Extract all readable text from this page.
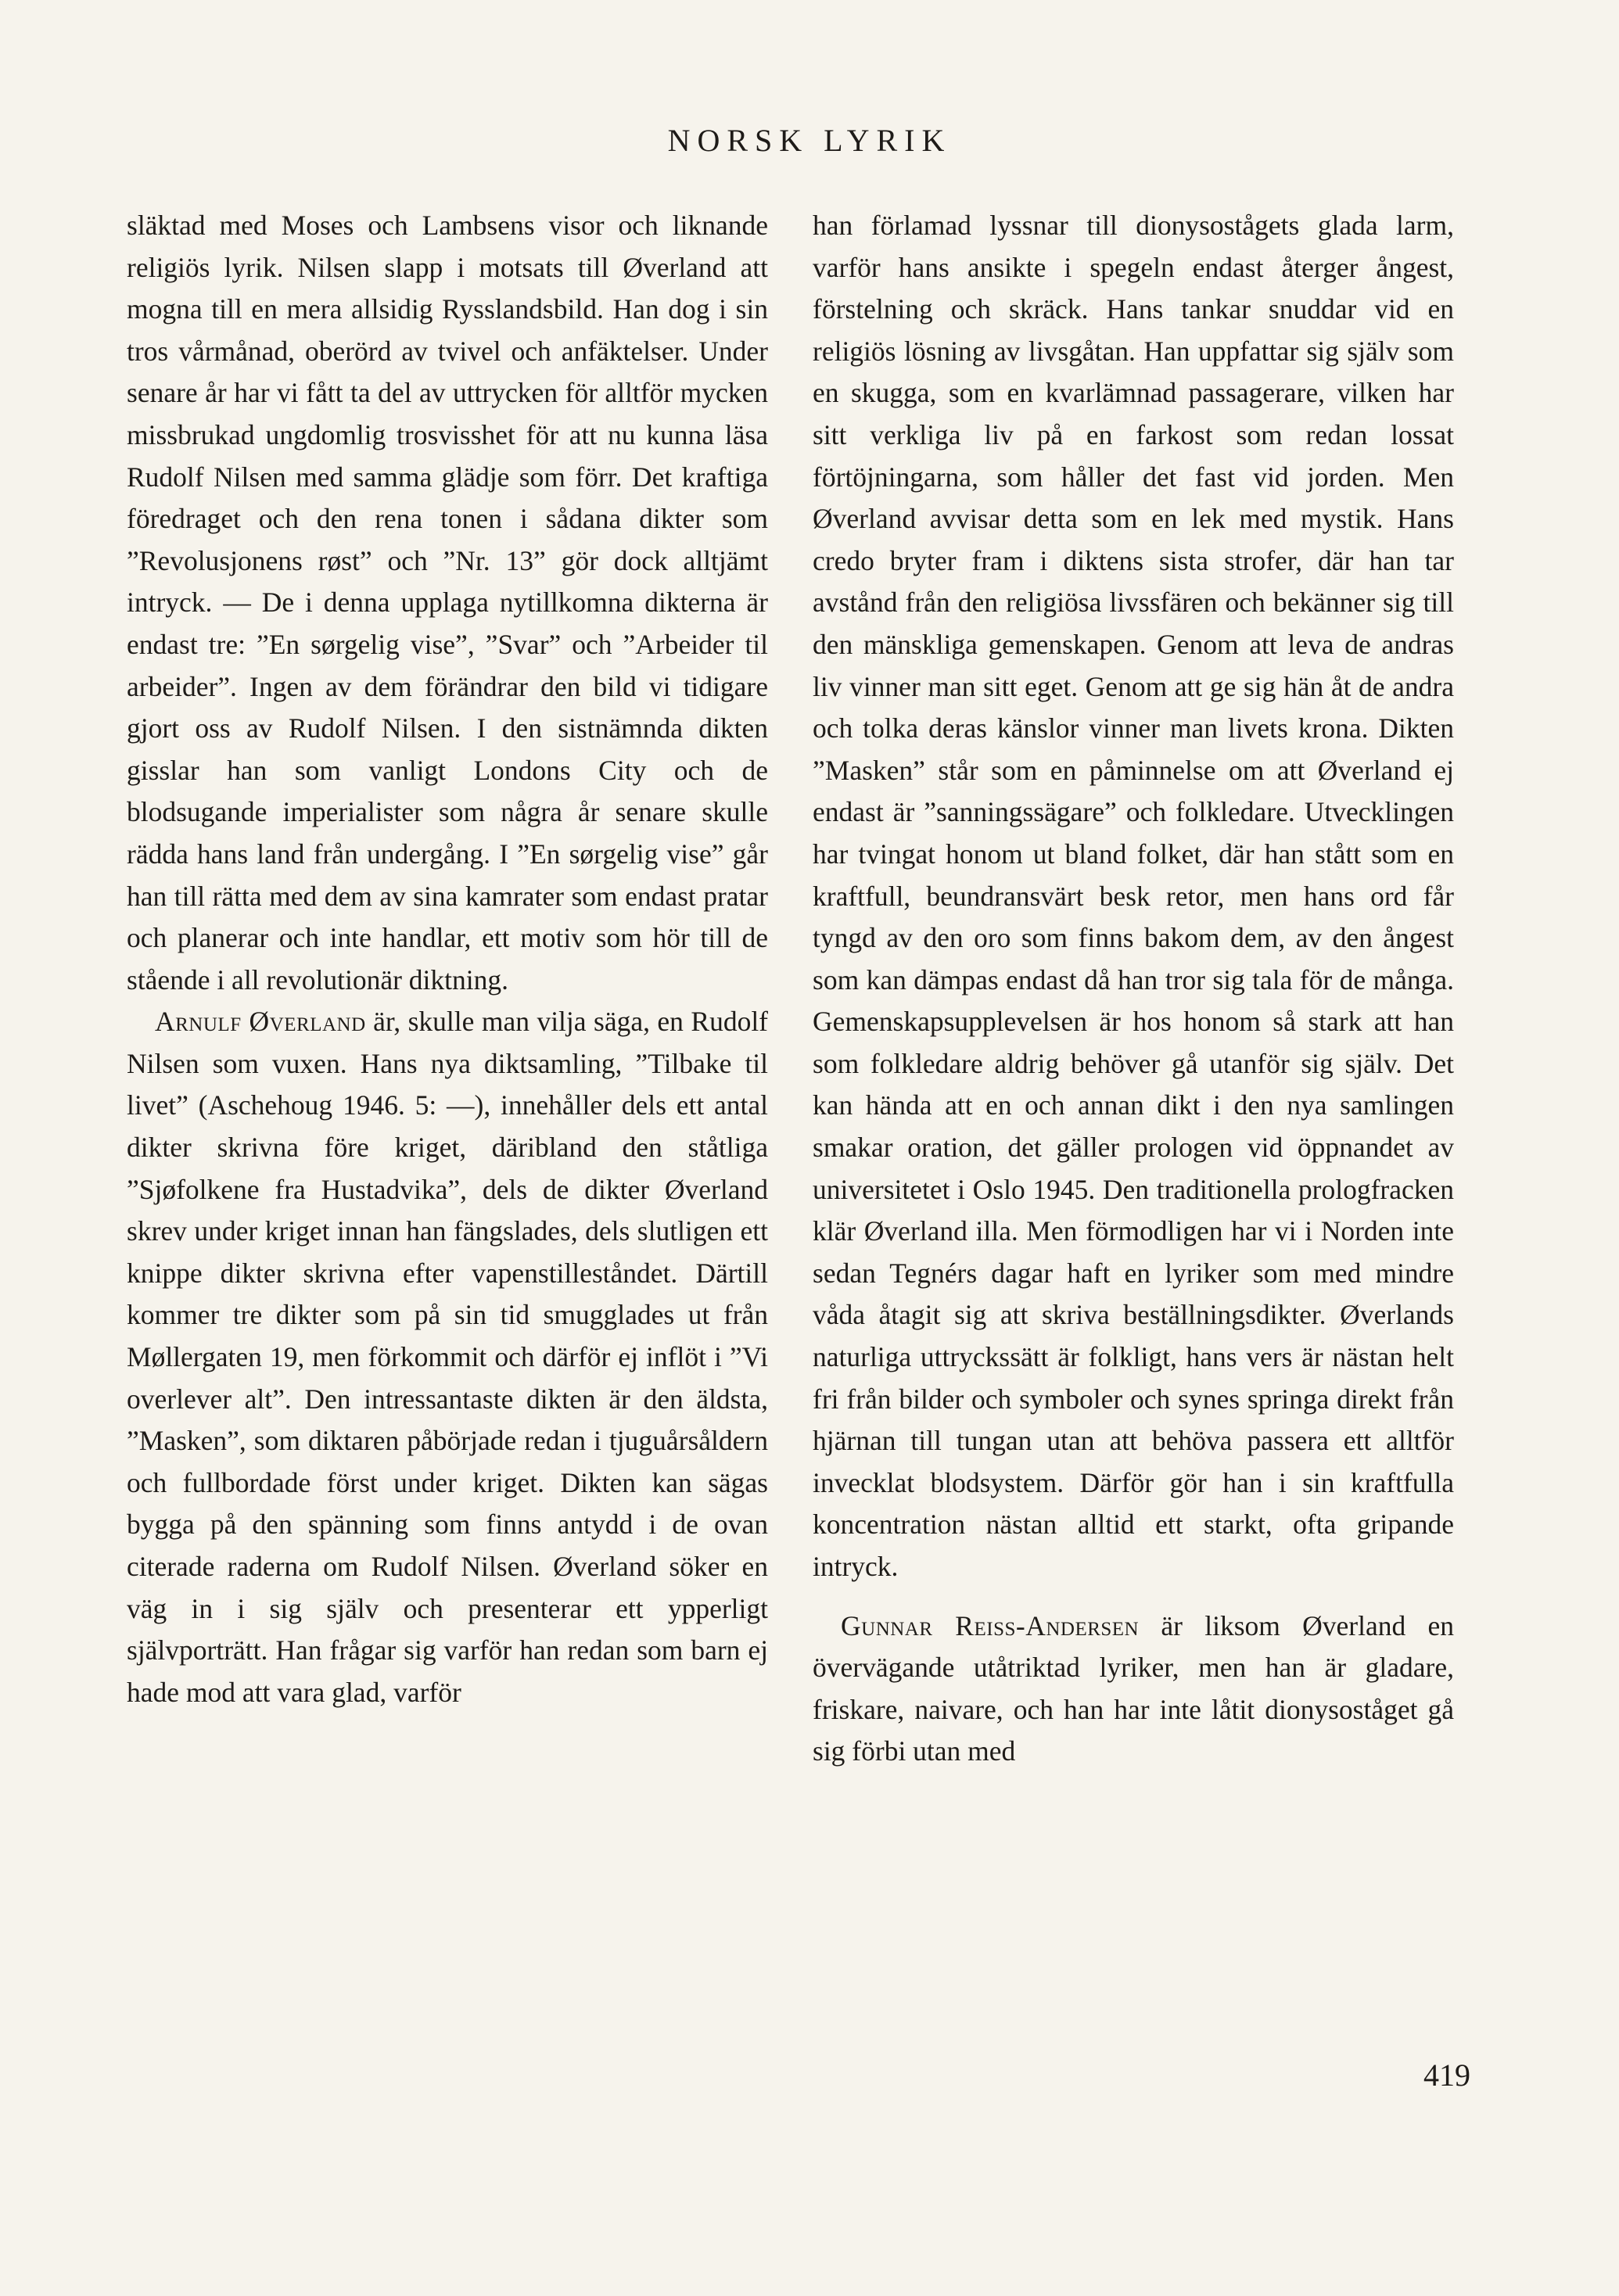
NORSK LYRIK

släktad med Moses och Lambsens visor och liknande religiös lyrik. Nilsen slapp i motsats till Øverland att mogna till en mera allsidig Rysslandsbild. Han dog i sin tros vårmånad, oberörd av tvivel och anfäktelser. Under senare år har vi fått ta del av uttrycken för alltför mycken missbrukad ungdomlig trosvisshet för att nu kunna läsa Rudolf Nilsen med samma glädje som förr. Det kraftiga föredraget och den rena tonen i sådana dikter som ”Revolusjonens røst” och ”Nr. 13” gör dock alltjämt intryck. — De i denna upplaga nytillkomna dikterna är endast tre: ”En sørgelig vise”, ”Svar” och ”Arbeider til arbeider”. Ingen av dem förändrar den bild vi tidigare gjort oss av Rudolf Nilsen. I den sistnämnda dikten gisslar han som vanligt Londons City och de blodsugande imperialister som några år senare skulle rädda hans land från undergång. I ”En sørgelig vise” går han till rätta med dem av sina kamrater som endast pratar och planerar och inte handlar, ett motiv som hör till de stående i all revolutionär diktning.

Arnulf Øverland är, skulle man vilja säga, en Rudolf Nilsen som vuxen. Hans nya diktsamling, ”Tilbake til livet” (Aschehoug 1946. 5: —), innehåller dels ett antal dikter skrivna före kriget, däribland den ståtliga ”Sjøfolkene fra Hustadvika”, dels de dikter Øverland skrev under kriget innan han fängslades, dels slutligen ett knippe dikter skrivna efter vapenstilleståndet. Därtill kommer tre dikter som på sin tid smugglades ut från Møllergaten 19, men förkommit och därför ej inflöt i ”Vi overlever alt”. Den intressantaste dikten är den äldsta, ”Masken”, som diktaren påbörjade redan i tjuguårsåldern och fullbordade först under kriget. Dikten kan sägas bygga på den spänning som finns antydd i de ovan citerade raderna om Rudolf Nilsen. Øverland söker en väg in i sig själv och presenterar ett ypperligt självporträtt. Han frågar sig varför han redan som barn ej hade mod att vara glad, varför

han förlamad lyssnar till dionysostågets glada larm, varför hans ansikte i spegeln endast återger ångest, förstelning och skräck. Hans tankar snuddar vid en religiös lösning av livsgåtan. Han uppfattar sig själv som en skugga, som en kvarlämnad passagerare, vilken har sitt verkliga liv på en farkost som redan lossat förtöjningarna, som håller det fast vid jorden. Men Øverland avvisar detta som en lek med mystik. Hans credo bryter fram i diktens sista strofer, där han tar avstånd från den religiösa livssfären och bekänner sig till den mänskliga gemenskapen. Genom att leva de andras liv vinner man sitt eget. Genom att ge sig hän åt de andra och tolka deras känslor vinner man livets krona. Dikten ”Masken” står som en påminnelse om att Øverland ej endast är ”sanningssägare” och folkledare. Utvecklingen har tvingat honom ut bland folket, där han stått som en kraftfull, beundransvärt besk retor, men hans ord får tyngd av den oro som finns bakom dem, av den ångest som kan dämpas endast då han tror sig tala för de många. Gemenskapsupplevelsen är hos honom så stark att han som folkledare aldrig behöver gå utanför sig själv. Det kan hända att en och annan dikt i den nya samlingen smakar oration, det gäller prologen vid öppnandet av universitetet i Oslo 1945. Den traditionella prologfracken klär Øverland illa. Men förmodligen har vi i Norden inte sedan Tegnérs dagar haft en lyriker som med mindre våda åtagit sig att skriva beställningsdikter. Øverlands naturliga uttryckssätt är folkligt, hans vers är nästan helt fri från bilder och symboler och synes springa direkt från hjärnan till tungan utan att behöva passera ett alltför invecklat blodsystem. Därför gör han i sin kraftfulla koncentration nästan alltid ett starkt, ofta gripande intryck.

Gunnar Reiss-Andersen är liksom Øverland en övervägande utåtriktad lyriker, men han är gladare, friskare, naivare, och han har inte låtit dionysoståget gå sig förbi utan med

419
